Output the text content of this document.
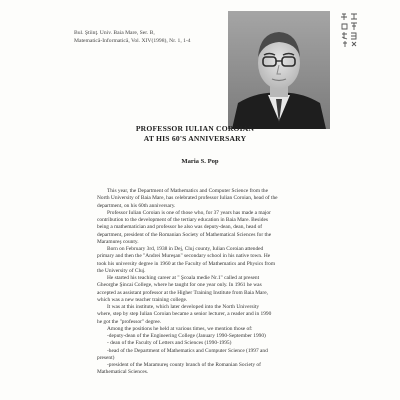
Bul. Ştiinţ. Univ. Baia Mare, Ser. B,
Matematică-Informatică, Vol. XIV(1998), Nr. 1, 1-4
PROFESSOR IULIAN COROIAN
AT HIS 60'S ANNIVERSARY
Maria S. Pop
This year, the Department of Mathematics and Computer Science from the
North University of Baia Mare, has celebrated professor Iulian Coroian, head of the
department, on his 60th anniversary.
Professor Iulian Coroian is one of those who, for 37 years has made a major
contribution to the development of the tertiary education in Baia Mare. Besides
being a mathematician and professor he also was deputy-dean, dean, head of
department, president of the Romanian Society of Mathematical Sciences for the
Maramureş county.
Born on February 3rd, 1938 in Dej, Cluj county, Iulian Coroian attended
primary and then the "Andrei Mureşan" secondary school in his native town. He
took his university degree in 1960 at the Faculty of Mathematics and Physics from
the University of Cluj.
He started his teaching career at " Şcoala medie Nr.1" called at present
Gheorghe Şincai College, where he taught for one year only. In 1961 he was
accepted as assistant professor at the Higher Training Institute from Baia Mare,
which was a new teacher training college.
It was at this institute, which later developed into the North University
where, step by step Iulian Coroian became a senior lecturer, a reader and in 1990
he got the "professor" degree.
Among the positions he held at various times, we mention those of:
-deputy-dean of the Engineering College (January 1990-September 1990)
- dean of the Faculty of Letters and Sciences (1990-1995)
-head of the Department of Mathematics and Computer Science (1997 and
present)
-president of the Maramureş county branch of the Romanian Society of
Mathematical Sciences.
